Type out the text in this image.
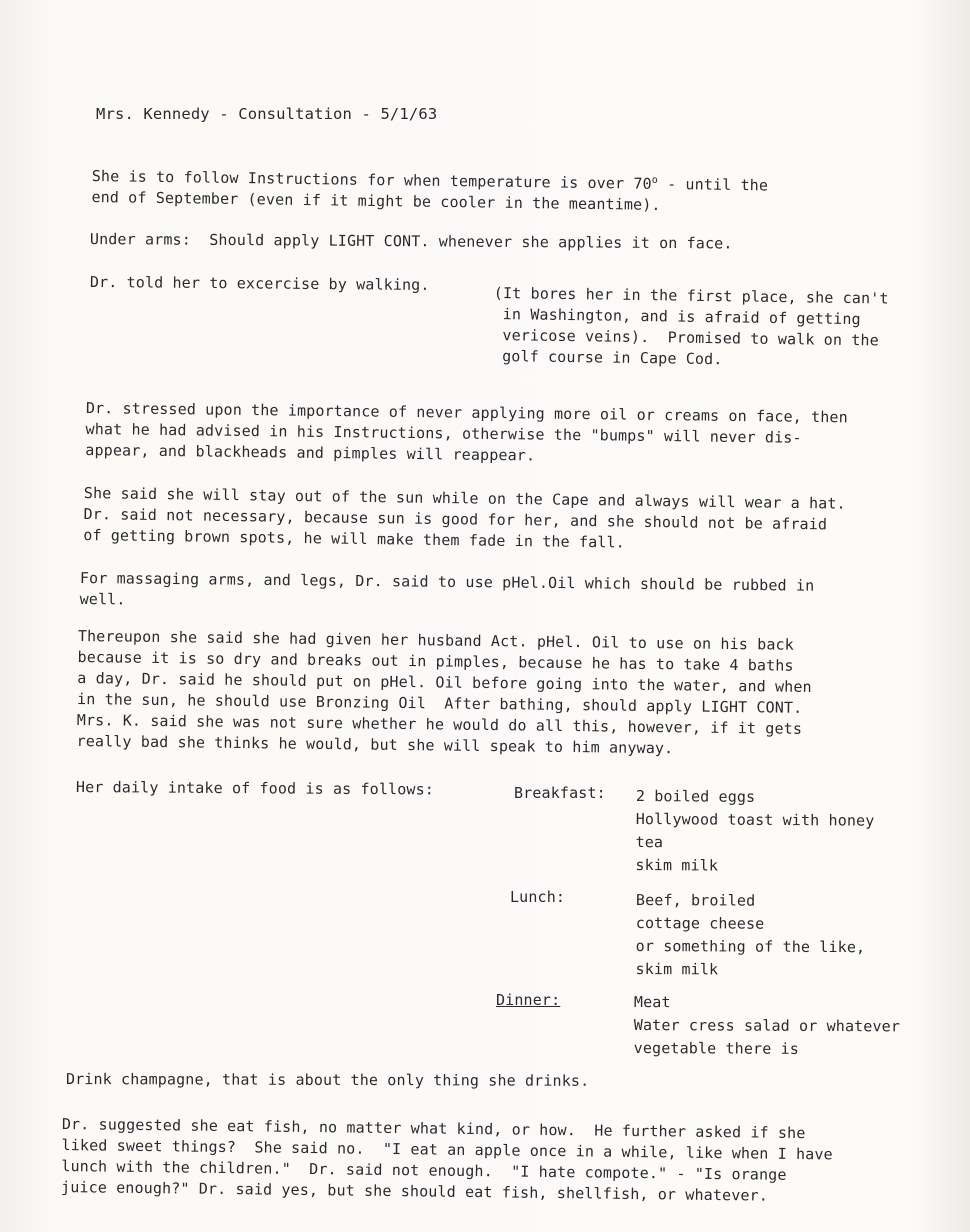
Mrs. Kennedy - Consultation - 5/1/63

She is to follow Instructions for when temperature is over 70$^o$ - until the
end of September (even if it might be cooler in the meantime).

Under arms:  Should apply LIGHT CONT. whenever she applies it on face.

Dr. told her to excercise by walking.

(It bores her in the first place, she can't
in Washington, and is afraid of getting
vericose veins).  Promised to walk on the
golf course in Cape Cod.

Dr. stressed upon the importance of never applying more oil or creams on face, then
what he had advised in his Instructions, otherwise the "bumps" will never dis-
appear, and blackheads and pimples will reappear.

She said she will stay out of the sun while on the Cape and always will wear a hat.
Dr. said not necessary, because sun is good for her, and she should not be afraid
of getting brown spots, he will make them fade in the fall.

For massaging arms, and legs, Dr. said to use pHel.Oil which should be rubbed in
well.

Thereupon she said she had given her husband Act. pHel. Oil to use on his back
because it is so dry and breaks out in pimples, because he has to take 4 baths
a day, Dr. said he should put on pHel. Oil before going into the water, and when
in the sun, he should use Bronzing Oil  After bathing, should apply LIGHT CONT.
Mrs. K. said she was not sure whether he would do all this, however, if it gets
really bad she thinks he would, but she will speak to him anyway.

Her daily intake of food is as follows:	Breakfast: 2 boiled eggs
Hollywood toast with honey
tea
skim milk

Lunch:	Beef, broiled
cottage cheese
or something of the like,
skim milk

Dinner:	Meat
Water cress salad or whatever
vegetable there is

Drink champagne, that is about the only thing she drinks.

Dr. suggested she eat fish, no matter what kind, or how.  He further asked if she
liked sweet things?  She said no.  "I eat an apple once in a while, like when I have
lunch with the children."  Dr. said not enough.  "I hate compote." - "Is orange
juice enough?" Dr. said yes, but she should eat fish, shellfish, or whatever.
